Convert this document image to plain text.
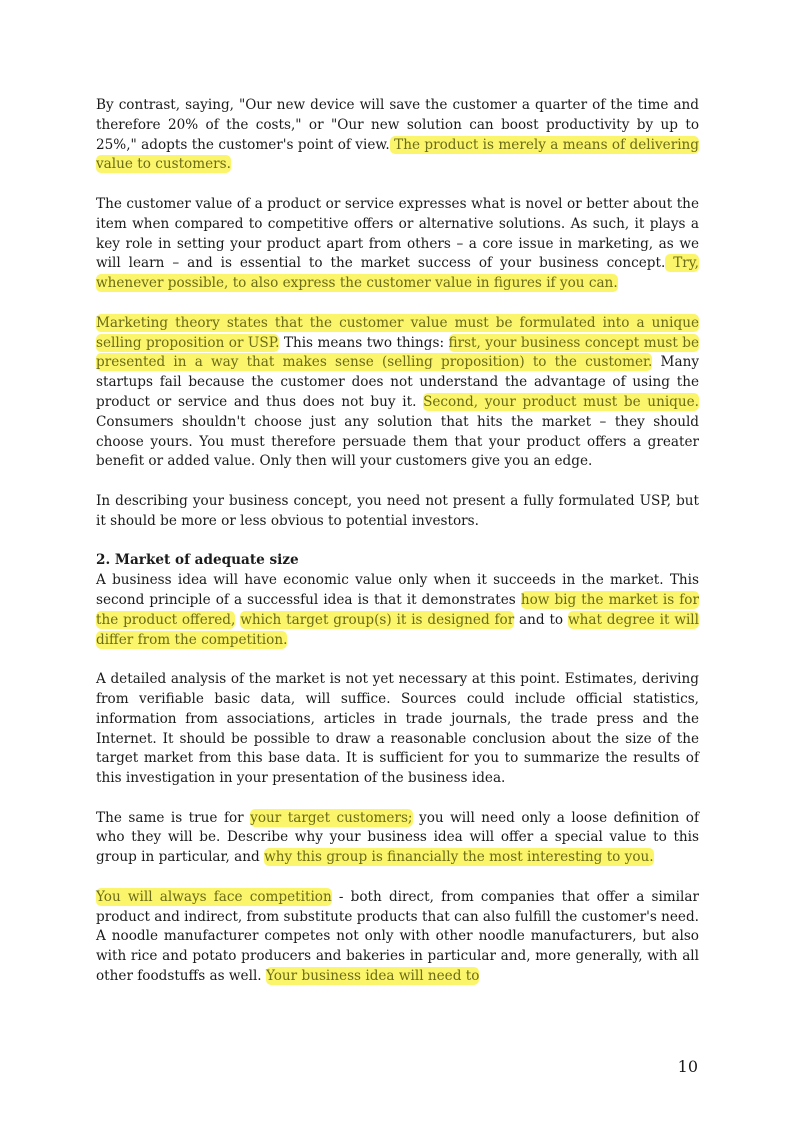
By contrast, saying, "Our new device will save the customer a quarter of the time and therefore 20% of the costs," or "Our new solution can boost productivity by up to 25%," adopts the customer's point of view. The product is merely a means of delivering value to customers.

The customer value of a product or service expresses what is novel or better about the item when compared to competitive offers or alternative solutions. As such, it plays a key role in setting your product apart from others – a core issue in marketing, as we will learn – and is essential to the market success of your business concept. Try, whenever possible, to also express the customer value in figures if you can.

Marketing theory states that the customer value must be formulated into a unique selling proposition or USP. This means two things: first, your business concept must be presented in a way that makes sense (selling proposition) to the customer. Many startups fail because the customer does not understand the advantage of using the product or service and thus does not buy it. Second, your product must be unique. Consumers shouldn't choose just any solution that hits the market – they should choose yours. You must therefore persuade them that your product offers a greater benefit or added value. Only then will your customers give you an edge.

In describing your business concept, you need not present a fully formulated USP, but it should be more or less obvious to potential investors.

2. Market of adequate size

A business idea will have economic value only when it succeeds in the market. This second principle of a successful idea is that it demonstrates how big the market is for the product offered, which target group(s) it is designed for and to what degree it will differ from the competition.

A detailed analysis of the market is not yet necessary at this point. Estimates, deriving from verifiable basic data, will suffice. Sources could include official statistics, information from associations, articles in trade journals, the trade press and the Internet. It should be possible to draw a reasonable conclusion about the size of the target market from this base data. It is sufficient for you to summarize the results of this investigation in your presentation of the business idea.

The same is true for your target customers; you will need only a loose definition of who they will be. Describe why your business idea will offer a special value to this group in particular, and why this group is financially the most interesting to you.

You will always face competition - both direct, from companies that offer a similar product and indirect, from substitute products that can also fulfill the customer's need. A noodle manufacturer competes not only with other noodle manufacturers, but also with rice and potato producers and bakeries in particular and, more generally, with all other foodstuffs as well. Your business idea will need to

10
